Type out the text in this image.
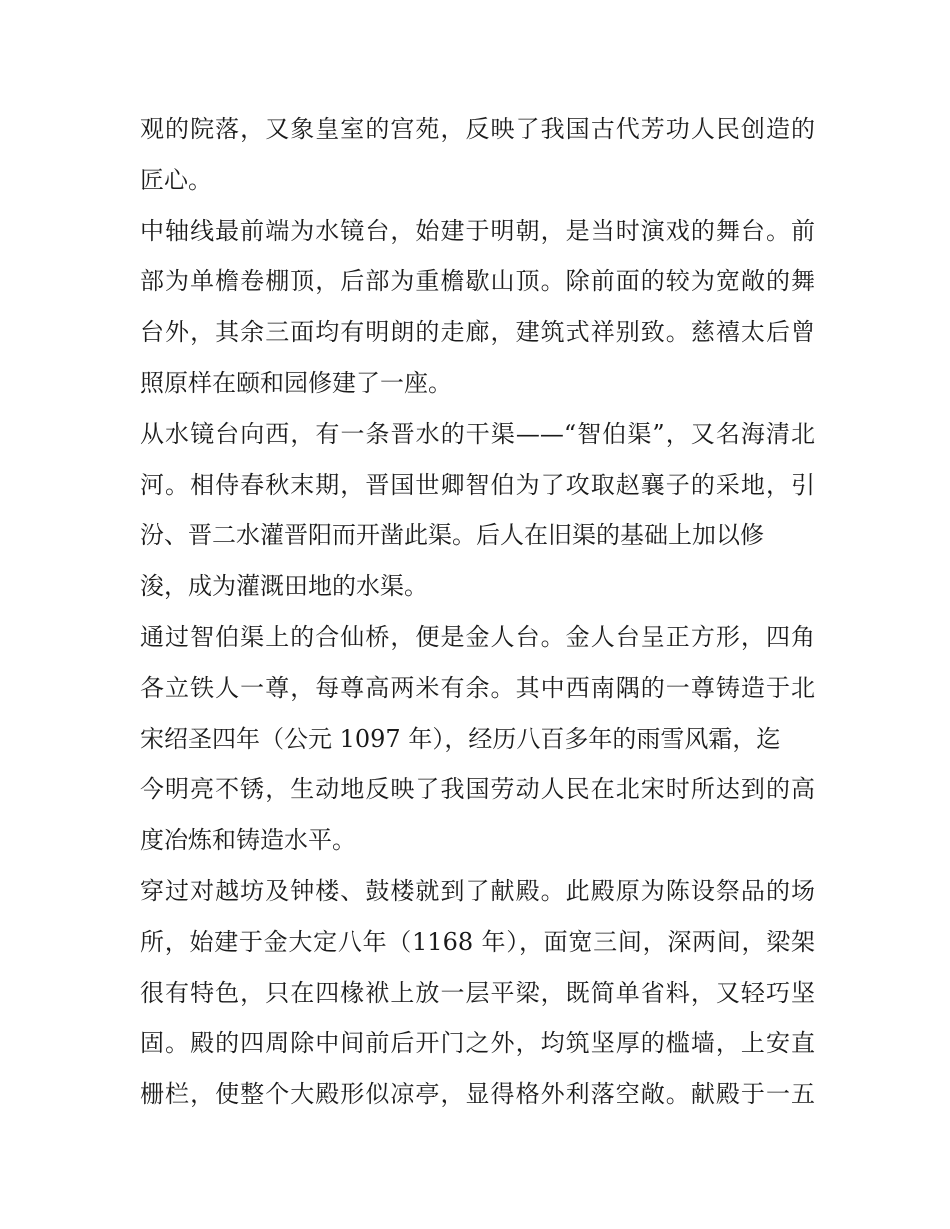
观的院落，又象皇室的宫苑，反映了我国古代芳功人民创造的
匠心。
中轴线最前端为水镜台，始建于明朝，是当时演戏的舞台。前
部为单檐卷棚顶，后部为重檐歇山顶。除前面的较为宽敞的舞
台外，其余三面均有明朗的走廊，建筑式祥别致。慈禧太后曾
照原样在颐和园修建了一座。
从水镜台向西，有一条晋水的干渠——“智伯渠”，又名海清北
河。相侍春秋末期，晋国世卿智伯为了攻取赵襄子的采地，引
汾、晋二水灌晋阳而开凿此渠。后人在旧渠的基础上加以修
浚，成为灌溉田地的水渠。
通过智伯渠上的合仙桥，便是金人台。金人台呈正方形，四角
各立铁人一尊，每尊高两米有余。其中西南隅的一尊铸造于北
宋绍圣四年（公元 1097 年），经历八百多年的雨雪风霜，迄
今明亮不锈，生动地反映了我国劳动人民在北宋时所达到的高
度冶炼和铸造水平。
穿过对越坊及钟楼、鼓楼就到了献殿。此殿原为陈设祭品的场
所，始建于金大定八年（1168 年），面宽三间，深两间，梁架
很有特色，只在四椽袱上放一层平梁，既简单省料，又轻巧坚
固。殿的四周除中间前后开门之外，均筑坚厚的槛墙，上安直
栅栏，使整个大殿形似凉亭，显得格外利落空敞。献殿于一五
